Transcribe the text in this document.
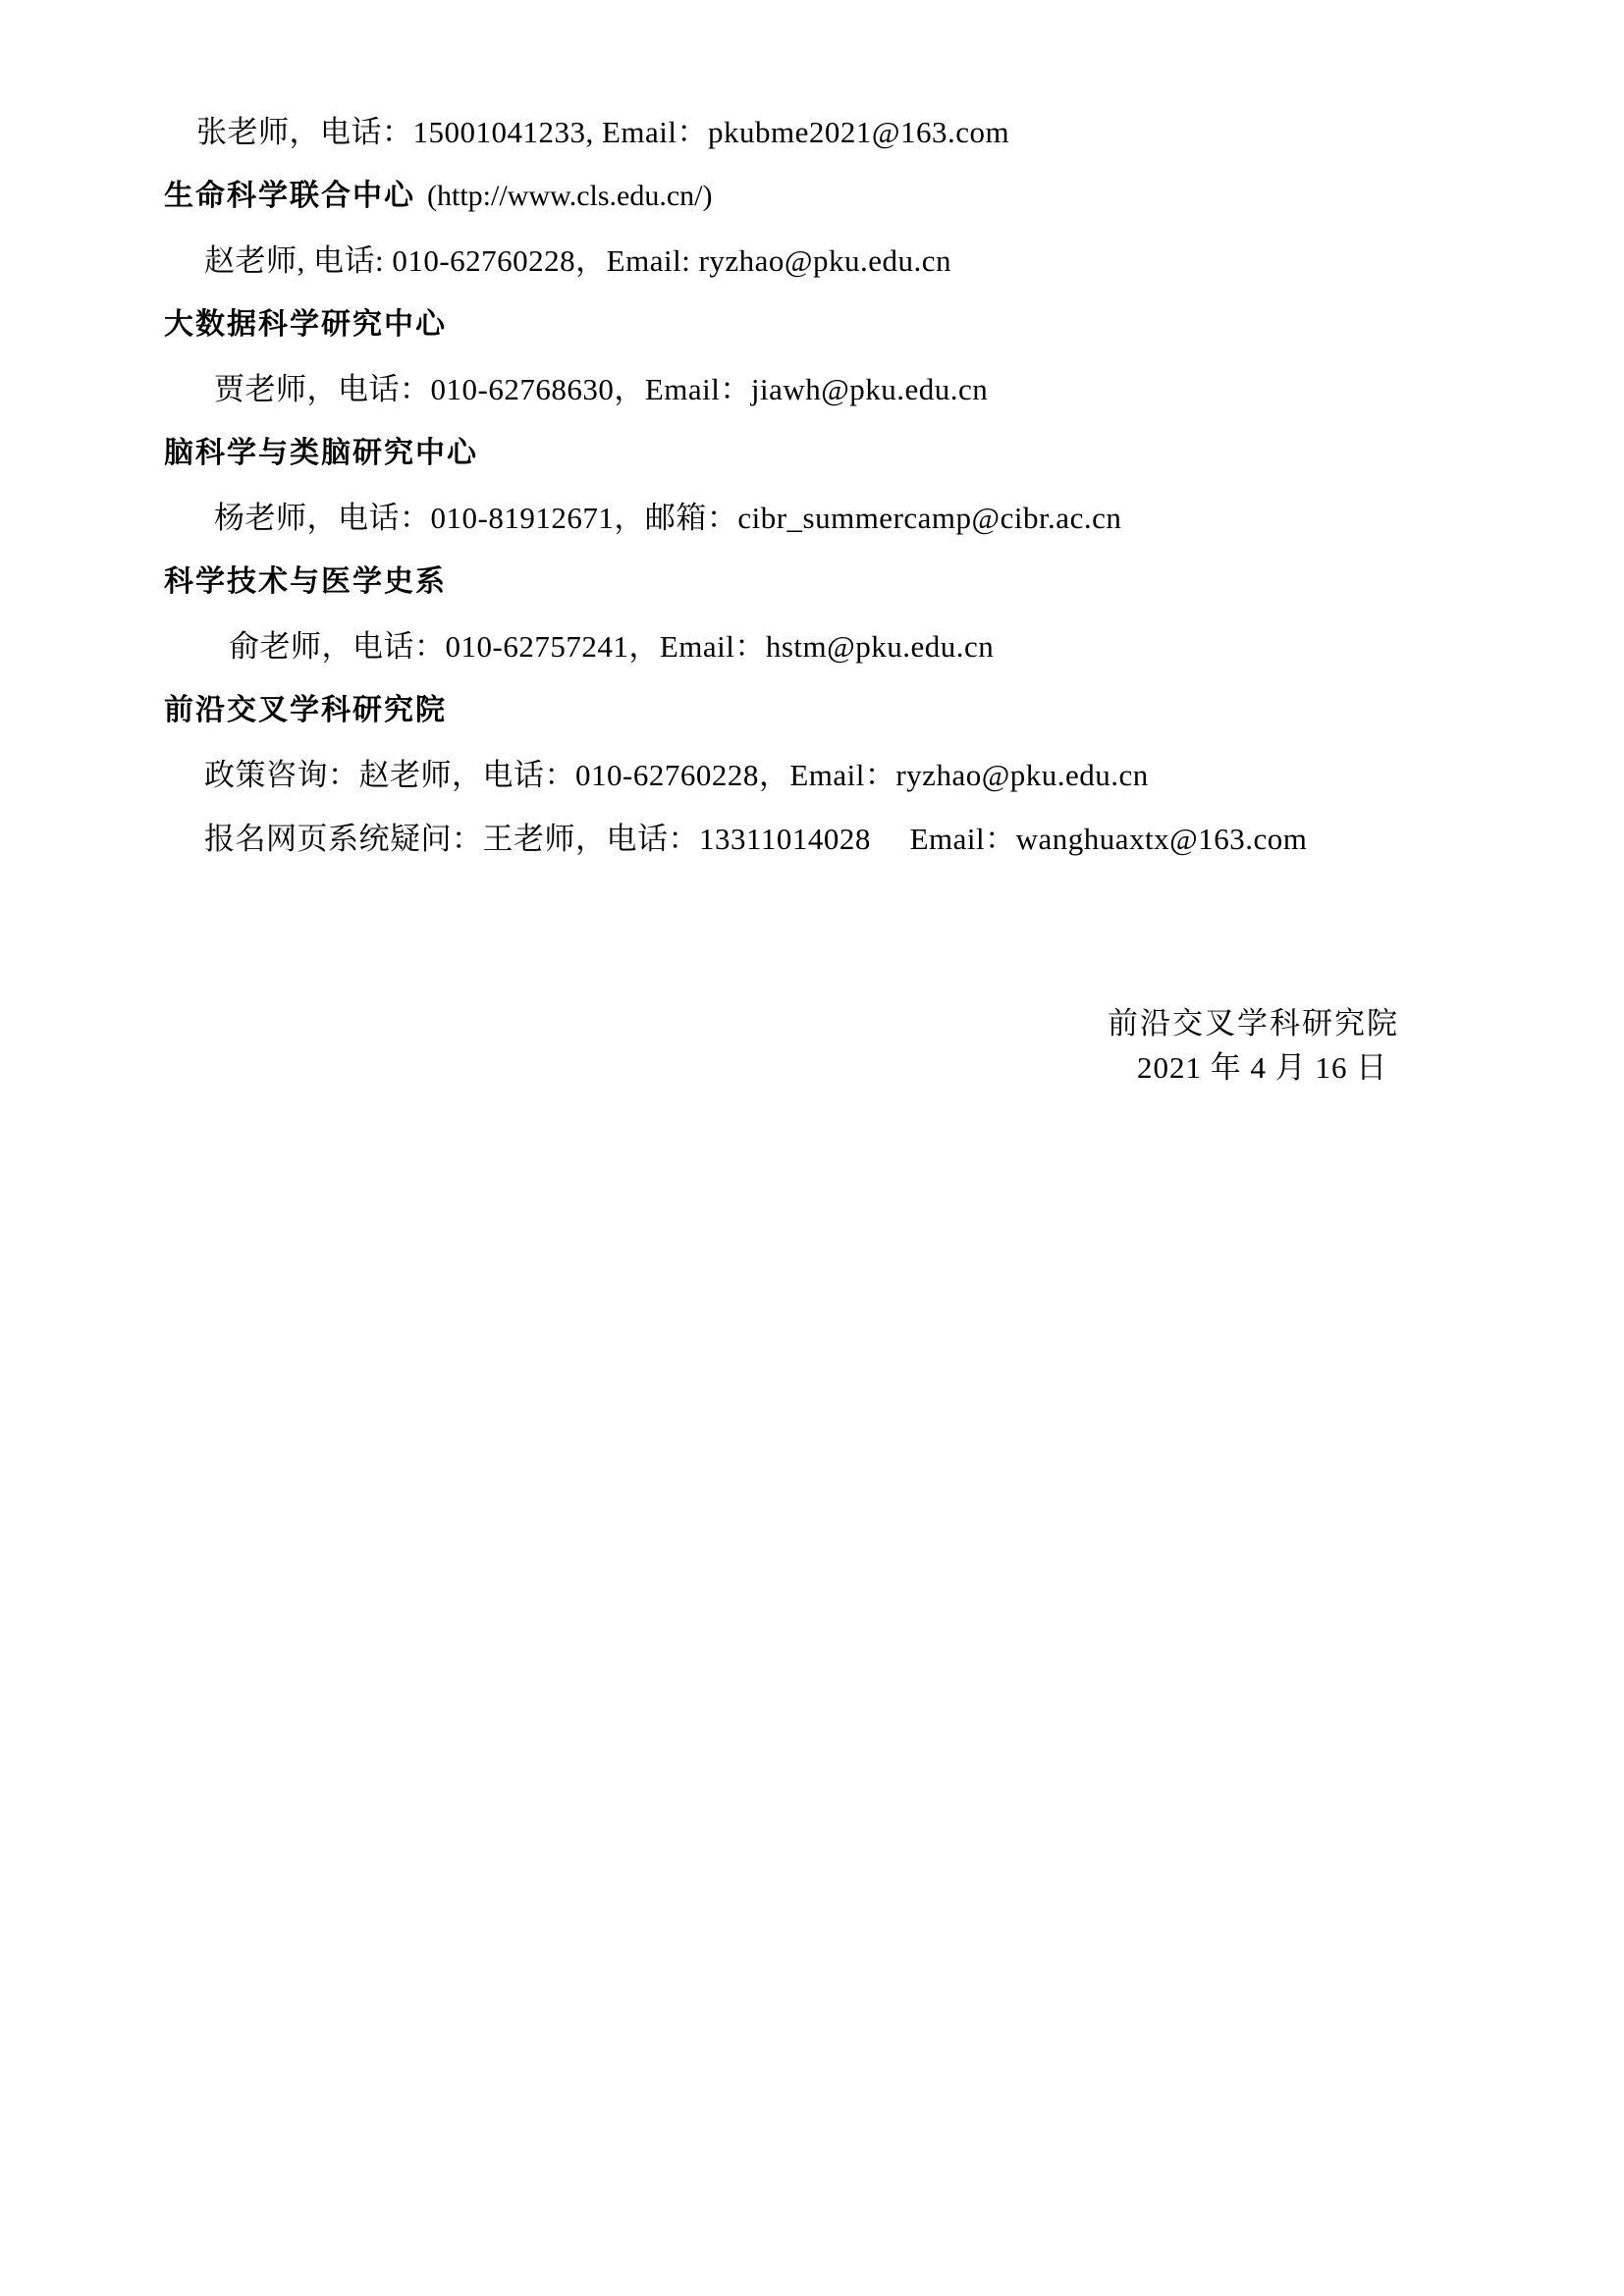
张老师，电话：15001041233, Email：pkubme2021@163.com
生命科学联合中心 (http://www.cls.edu.cn/)
赵老师, 电话: 010-62760228，Email: ryzhao@pku.edu.cn
大数据科学研究中心
贾老师，电话：010-62768630，Email：jiawh@pku.edu.cn
脑科学与类脑研究中心
杨老师，电话：010-81912671，邮箱：cibr_summercamp@cibr.ac.cn
科学技术与医学史系
俞老师，电话：010-62757241，Email：hstm@pku.edu.cn
前沿交叉学科研究院
政策咨询：赵老师，电话：010-62760228，Email：ryzhao@pku.edu.cn
报名网页系统疑问：王老师，电话：13311014028　 Email：wanghuaxtx@163.com
前沿交叉学科研究院
2021 年 4 月 16 日
